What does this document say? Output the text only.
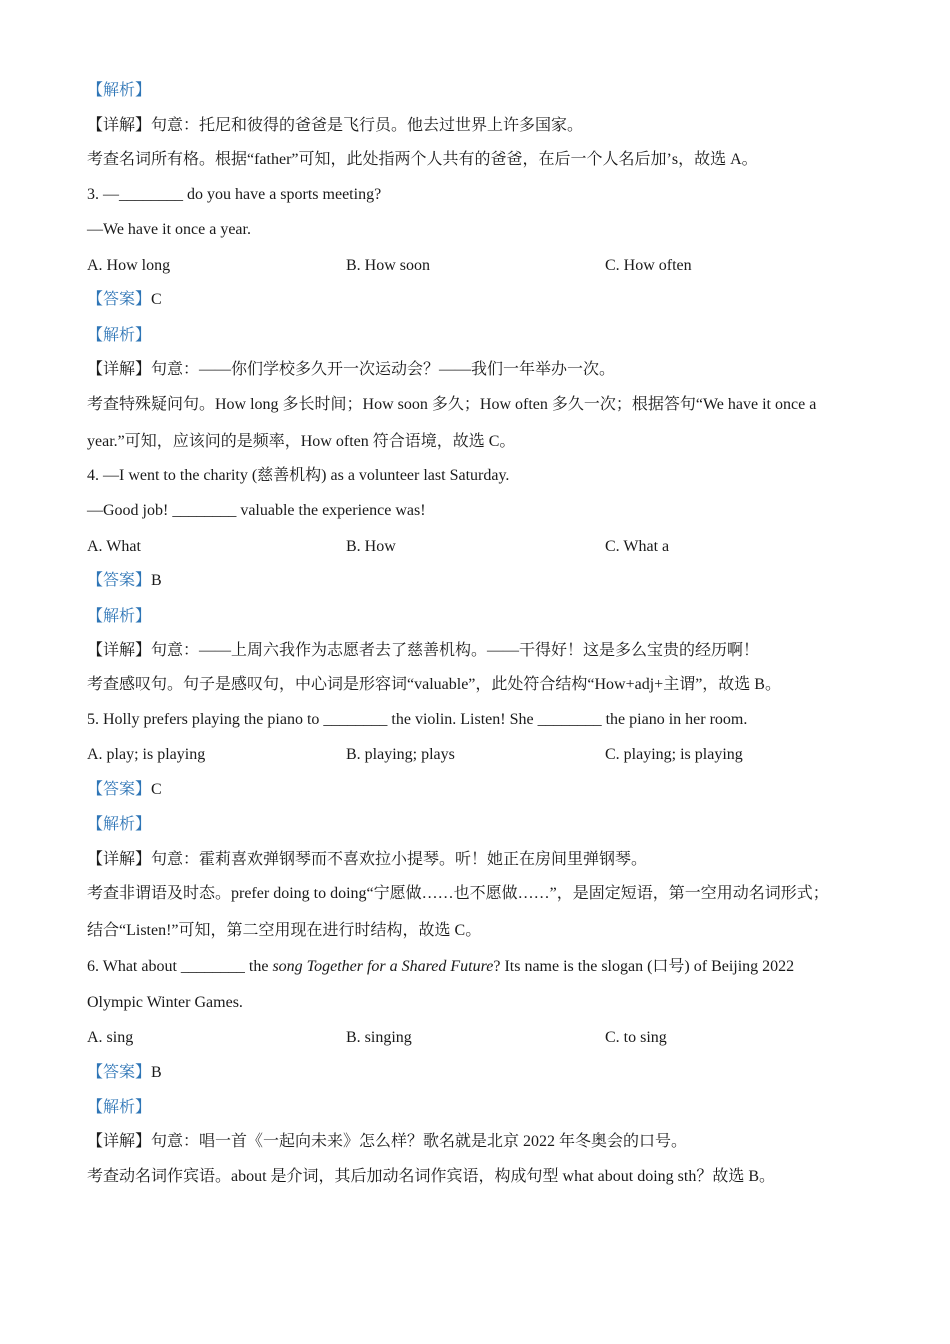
【解析】
【详解】句意：托尼和彼得的爸爸是飞行员。他去过世界上许多国家。
考查名词所有格。根据“father”可知，此处指两个人共有的爸爸，在后一个人名后加’s，故选 A。
3. —________ do you have a sports meeting?
—We have it once a year.
A. How long	B. How soon	C. How often
【答案】C
【解析】
【详解】句意：——你们学校多久开一次运动会？——我们一年举办一次。
考查特殊疑问句。How long 多长时间；How soon 多久；How often 多久一次；根据答句“We have it once a
year.”可知，应该问的是频率，How often 符合语境，故选 C。
4. —I went to the charity (慈善机构) as a volunteer last Saturday.
—Good job! ________ valuable the experience was!
A. What	B. How	C. What a
【答案】B
【解析】
【详解】句意：——上周六我作为志愿者去了慈善机构。——干得好！这是多么宝贵的经历啊！
考查感叹句。句子是感叹句，中心词是形容词“valuable”，此处符合结构“How+adj+主谓”，故选 B。
5. Holly prefers playing the piano to ________ the violin. Listen! She ________ the piano in her room.
A. play; is playing	B. playing; plays	C. playing; is playing
【答案】C
【解析】
【详解】句意：霍莉喜欢弹钢琴而不喜欢拉小提琴。听！她正在房间里弹钢琴。
考查非谓语及时态。prefer doing to doing“宁愿做……也不愿做……”，是固定短语，第一空用动名词形式；
结合“Listen!”可知，第二空用现在进行时结构，故选 C。
6. What about ________ the song Together for a Shared Future? Its name is the slogan (口号) of Beijing 2022
Olympic Winter Games.
A. sing	B. singing	C. to sing
【答案】B
【解析】
【详解】句意：唱一首《一起向未来》怎么样？歌名就是北京 2022 年冬奥会的口号。
考查动名词作宾语。about 是介词，其后加动名词作宾语，构成句型 what about doing sth？故选 B。
